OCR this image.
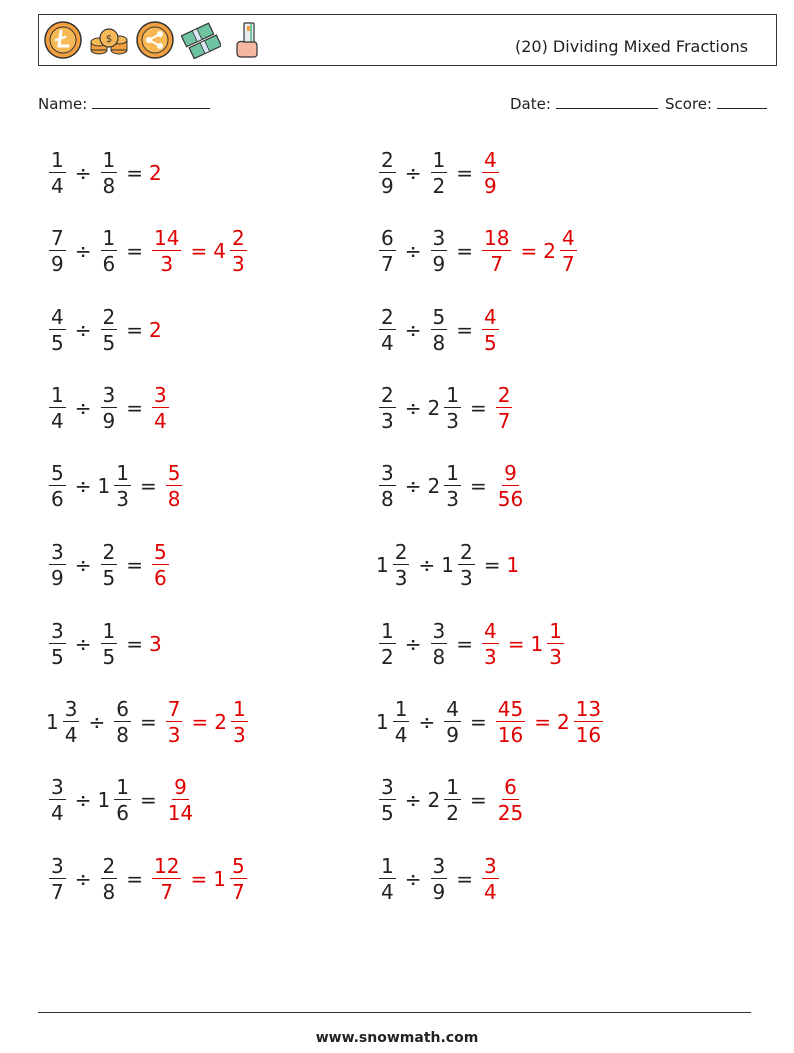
$	(20) Dividing Mixed Fractions
Name:	Date:	Score:
$\frac{1}{4} \div \frac{1}{8} = 2$	$\frac{2}{9} \div \frac{1}{2} = \frac{4}{9}$
$\frac{7}{9} \div \frac{1}{6} = \frac{14}{3} = 4 \frac{2}{3}$	$\frac{6}{7} \div \frac{3}{9} = \frac{18}{7} = 2 \frac{4}{7}$
$\frac{4}{5} \div \frac{2}{5} = 2$	$\frac{2}{4} \div \frac{5}{8} = \frac{4}{5}$
$\frac{1}{4} \div \frac{3}{9} = \frac{3}{4}$	$\frac{2}{3} \div 2 \frac{1}{3} = \frac{2}{7}$
$\frac{5}{6} \div 1 \frac{1}{3} = \frac{5}{8}$	$\frac{3}{8} \div 2 \frac{1}{3} = \frac{9}{56}$
$\frac{3}{9} \div \frac{2}{5} = \frac{5}{6}$	$1 \frac{2}{3} \div 1 \frac{2}{3} = 1$
$\frac{3}{5} \div \frac{1}{5} = 3$	$\frac{1}{2} \div \frac{3}{8} = \frac{4}{3} = 1 \frac{1}{3}$
$1 \frac{3}{4} \div \frac{6}{8} = \frac{7}{3} = 2 \frac{1}{3}$	$1 \frac{1}{4} \div \frac{4}{9} = \frac{45}{16} = 2 \frac{13}{16}$
$\frac{3}{4} \div 1 \frac{1}{6} = \frac{9}{14}$	$\frac{3}{5} \div 2 \frac{1}{2} = \frac{6}{25}$
$\frac{3}{7} \div \frac{2}{8} = \frac{12}{7} = 1 \frac{5}{7}$	$\frac{1}{4} \div \frac{3}{9} = \frac{3}{4}$
www.snowmath.com
